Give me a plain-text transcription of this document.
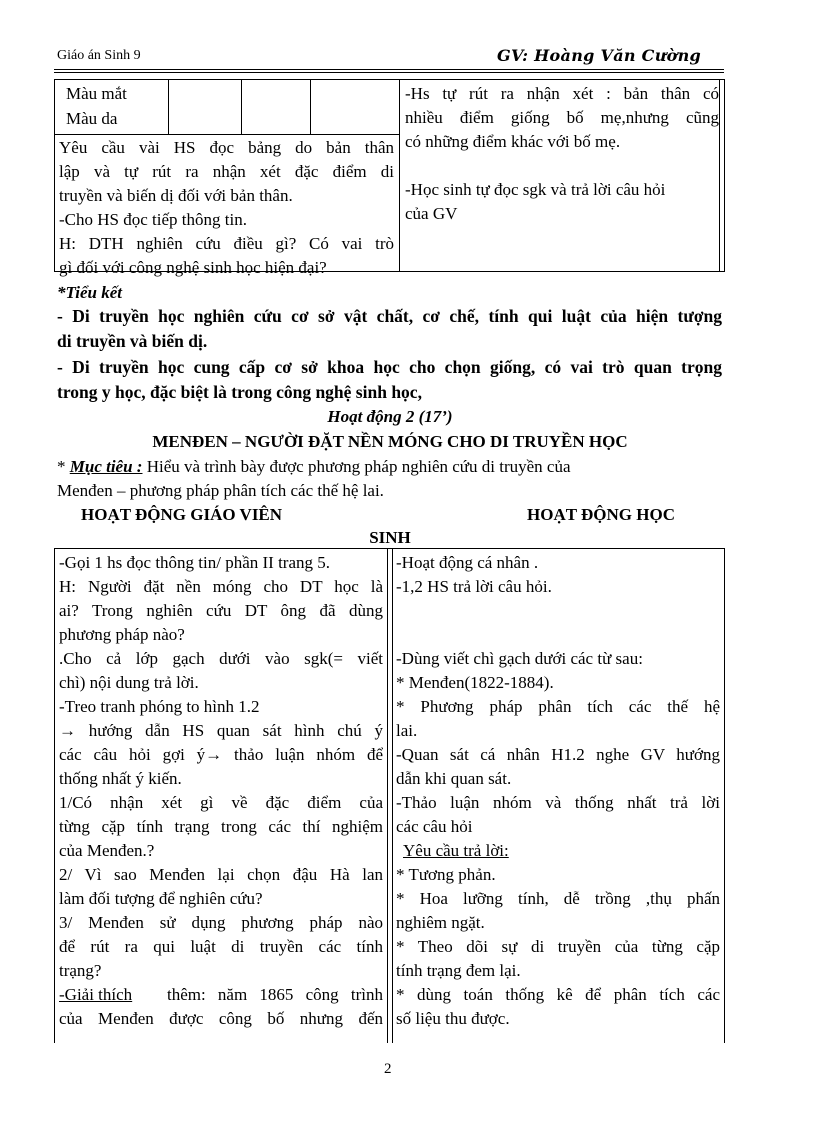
Giáo án Sinh 9	GV: Hoàng Văn Cường
Màu mắt
Màu da
Yêu cầu vài HS đọc bảng do bản thân
lập và tự rút ra nhận xét đặc điểm di
truyền và biến dị đối với bản thân.
-Cho HS đọc tiếp thông tin.
H: DTH nghiên cứu điều gì? Có vai trò
gì đối với công nghệ sinh học hiện đại?
-Hs tự rút ra nhận xét : bản thân có
nhiều điểm giống bố mẹ,nhưng cũng
có những điểm khác với bố mẹ.
-Học sinh tự đọc sgk và trả lời câu hỏi
của GV
*Tiểu kết
- Di truyền học nghiên cứu cơ sở vật chất, cơ chế, tính qui luật của hiện tượng
di truyền và biến dị.
- Di truyền học cung cấp cơ sở khoa học cho chọn giống, có vai trò quan trọng
trong y học, đặc biệt là trong công nghệ sinh học,
Hoạt động 2 (17’)
MENĐEN – NGƯỜI ĐẶT NỀN MÓNG CHO DI TRUYỀN HỌC
* Mục tiêu : Hiểu và trình bày được phương pháp nghiên cứu di truyền của
Menđen – phương pháp phân tích các thế hệ lai.
HOẠT ĐỘNG GIÁO VIÊN	HOẠT ĐỘNG HỌC
SINH
-Gọi 1 hs đọc thông tin/ phần II trang 5.
H: Người đặt nền móng cho DT học là
ai? Trong nghiên cứu DT ông đã dùng
phương pháp nào?
.Cho cả lớp gạch dưới vào sgk(= viết
chì) nội dung trả lời.
-Treo tranh phóng to hình 1.2
→ hướng dẫn HS quan sát hình chú ý
các câu hỏi gợi ý→ thảo luận nhóm để
thống nhất ý kiến.
1/Có nhận xét gì về đặc điểm của
từng cặp tính trạng trong các thí nghiệm
của Menđen.?
2/ Vì sao Menđen lại chọn đậu Hà lan
làm đối tượng để nghiên cứu?
3/ Menđen sử dụng phương pháp nào
để rút ra qui luật di truyền các tính
trạng?
thêm: năm 1865 công trình
của Menđen được công bố nhưng đến
-Giải thích
-Hoạt động cá nhân .
-1,2 HS trả lời câu hỏi.
-Dùng viết chì gạch dưới các từ sau:
* Menđen(1822-1884).
* Phương pháp phân tích các thế hệ
lai.
-Quan sát cá nhân H1.2 nghe GV hướng
dẫn khi quan sát.
-Thảo luận nhóm và thống nhất trả lời
các câu hỏi
Yêu cầu trả lời:
* Tương phản.
* Hoa lưỡng tính, dễ trồng ,thụ phấn
nghiêm ngặt.
* Theo dõi sự di truyền của từng cặp
tính trạng đem lại.
* dùng toán thống kê để phân tích các
số liệu thu được.
2
